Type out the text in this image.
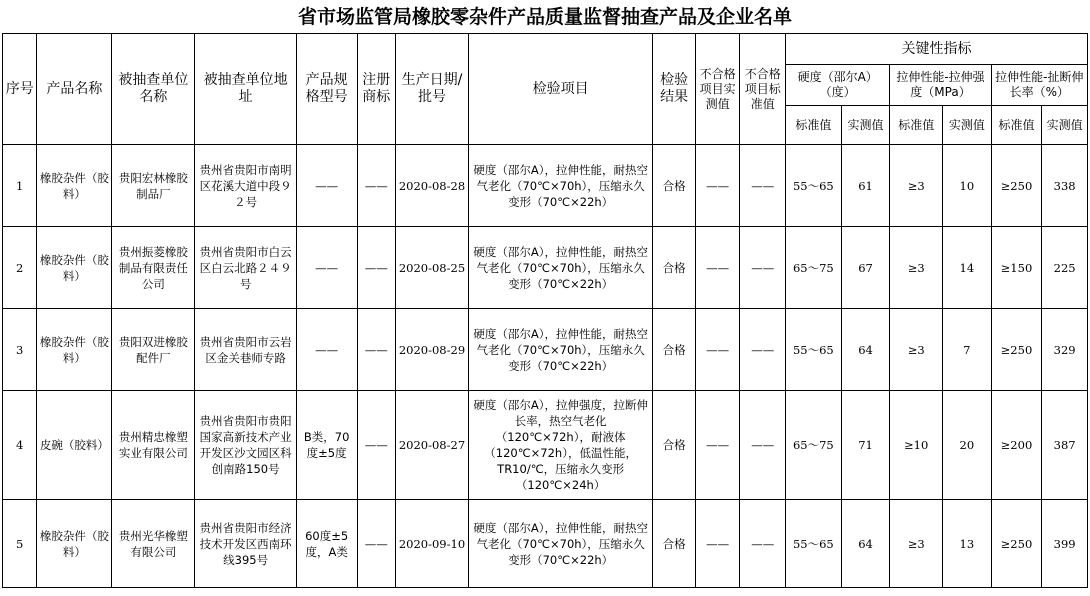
省市场监管局橡胶零杂件产品质量监督抽查产品及企业名单
序号	产品名称	被抽查单位名称	被抽查单位地址	产品规格型号	注册商标	生产日期/批号	检验项目	检验结果	不合格项目实测值	不合格项目标准值	关键性指标					
											硬度（邵尔A）（度）		拉伸性能-拉伸强度（MPa）		拉伸性能-扯断伸长率（%）	
											标准值	实测值	标准值	实测值	标准值	实测值
1	橡胶杂件（胶料）	贵阳宏林橡胶制品厂	贵州省贵阳市南明区花溪大道中段９２号	——	——	2020-08-28	硬度（邵尔A），拉伸性能，耐热空气老化（70℃×70h），压缩永久变形（70℃×22h）	合格	——	——	55～65	61	≥3	10	≥250	338
2	橡胶杂件（胶料）	贵州振菱橡胶制品有限责任公司	贵州省贵阳市白云区白云北路２４９号	——	——	2020-08-25	硬度（邵尔A），拉伸性能，耐热空气老化（70℃×70h），压缩永久变形（70℃×22h）	合格	——	——	65～75	67	≥3	14	≥150	225
3	橡胶杂件（胶料）	贵阳双进橡胶配件厂	贵州省贵阳市云岩区金关巷师专路	——	——	2020-08-29	硬度（邵尔A），拉伸性能，耐热空气老化（70℃×70h），压缩永久变形（70℃×22h）	合格	——	——	55～65	64	≥3	7	≥250	329
4	皮碗（胶料）	贵州精忠橡塑实业有限公司	贵州省贵阳市贵阳国家高新技术产业开发区沙文园区科创南路150号	B类，70度±5度	——	2020-08-27	硬度（邵尔A），拉伸强度，拉断伸长率，热空气老化（120℃×72h），耐液体（120℃×72h），低温性能，TR10/℃，压缩永久变形（120℃×24h）	合格	——	——	65～75	71	≥10	20	≥200	387
5	橡胶杂件（胶料）	贵州光华橡塑有限公司	贵州省贵阳市经济技术开发区西南环线395号	60度±5度，A类	——	2020-09-10	硬度（邵尔A），拉伸性能，耐热空气老化（70℃×70h），压缩永久变形（70℃×22h）	合格	——	——	55～65	64	≥3	13	≥250	399
